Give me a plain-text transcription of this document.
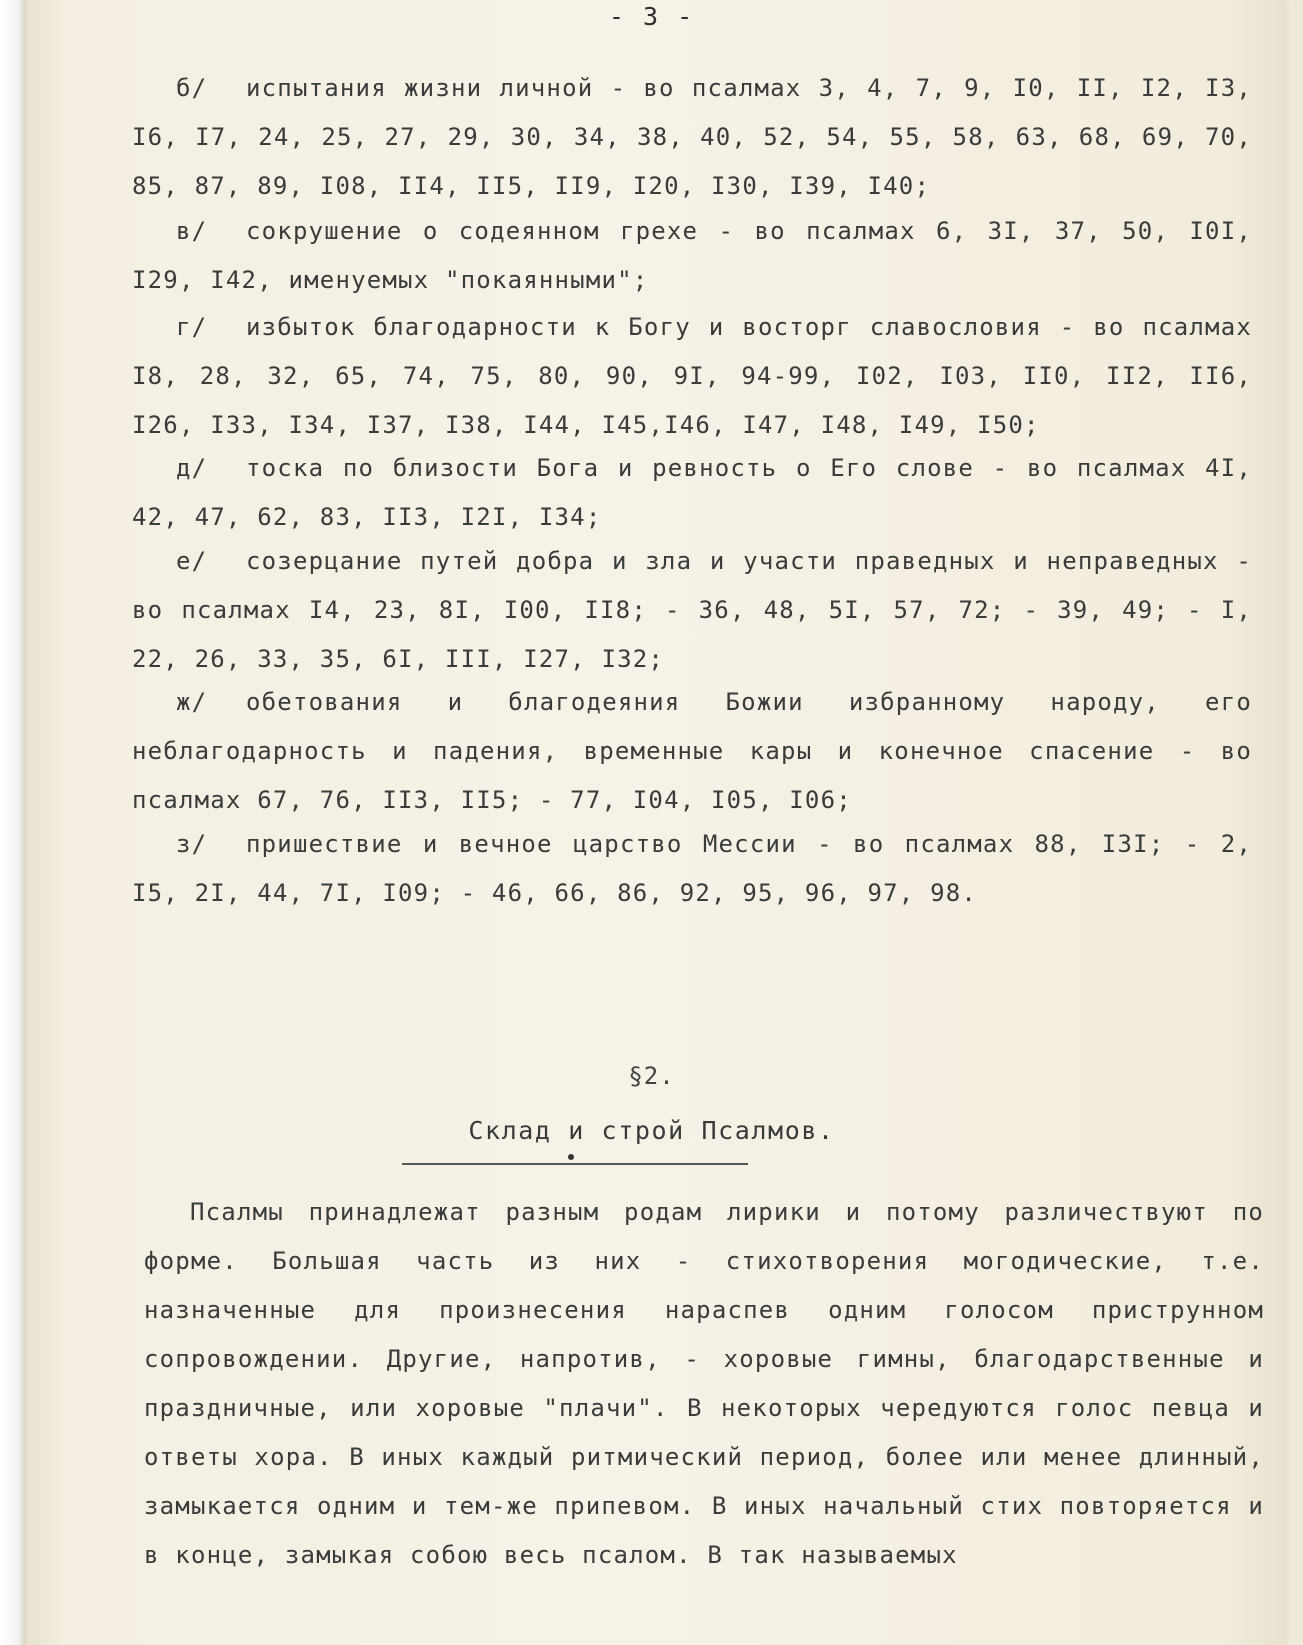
- 3 -

б/ испытания жизни личной - во псалмах 3, 4, 7, 9, I0, II, I2, I3, I6, I7, 24, 25, 27, 29, 30, 34, 38, 40, 52, 54, 55, 58, 63, 68, 69, 70, 85, 87, 89, I08, II4, II5, II9, I20, I30, I39, I40;

в/ сокрушение о содеянном грехе - во псалмах 6, 3I, 37, 50, I0I, I29, I42, именуемых "покаянными";

г/ избыток благодарности к Богу и восторг славословия - во псалмах I8, 28, 32, 65, 74, 75, 80, 90, 9I, 94-99, I02, I03, II0, II2, II6, I26, I33, I34, I37, I38, I44, I45,I46, I47, I48, I49, I50;

д/ тоска по близости Бога и ревность о Его слове - во псалмах 4I, 42, 47, 62, 83, II3, I2I, I34;

е/ созерцание путей добра и зла и участи праведных и неправедных - во псалмах I4, 23, 8I, I00, II8; - 36, 48, 5I, 57, 72; - 39, 49; - I, 22, 26, 33, 35, 6I, III, I27, I32;

ж/ обетования и благодеяния Божии избранному народу, его неблагодарность и падения, временные кары и конечное спасение - во псалмах 67, 76, II3, II5; - 77, I04, I05, I06;

з/ пришествие и вечное царство Мессии - во псалмах 88, I3I; - 2, I5, 2I, 44, 7I, I09; - 46, 66, 86, 92, 95, 96, 97, 98.

§2.
Склад и строй Псалмов.

Псалмы принадлежат разным родам лирики и потому различествуют по форме. Большая часть из них - стихотворения могодические, т.е. назначенные для произнесения нараспев одним голосом приструнном сопровождении. Другие, напротив, - хоровые гимны, благодарственные и праздничные, или хоровые "плачи". В некоторых чередуются голос певца и ответы хора. В иных каждый ритмический период, более или менее длинный, замыкается одним и тем-же припевом. В иных начальный стих повторяется и в конце, замыкая собою весь псалом. В так называемых
